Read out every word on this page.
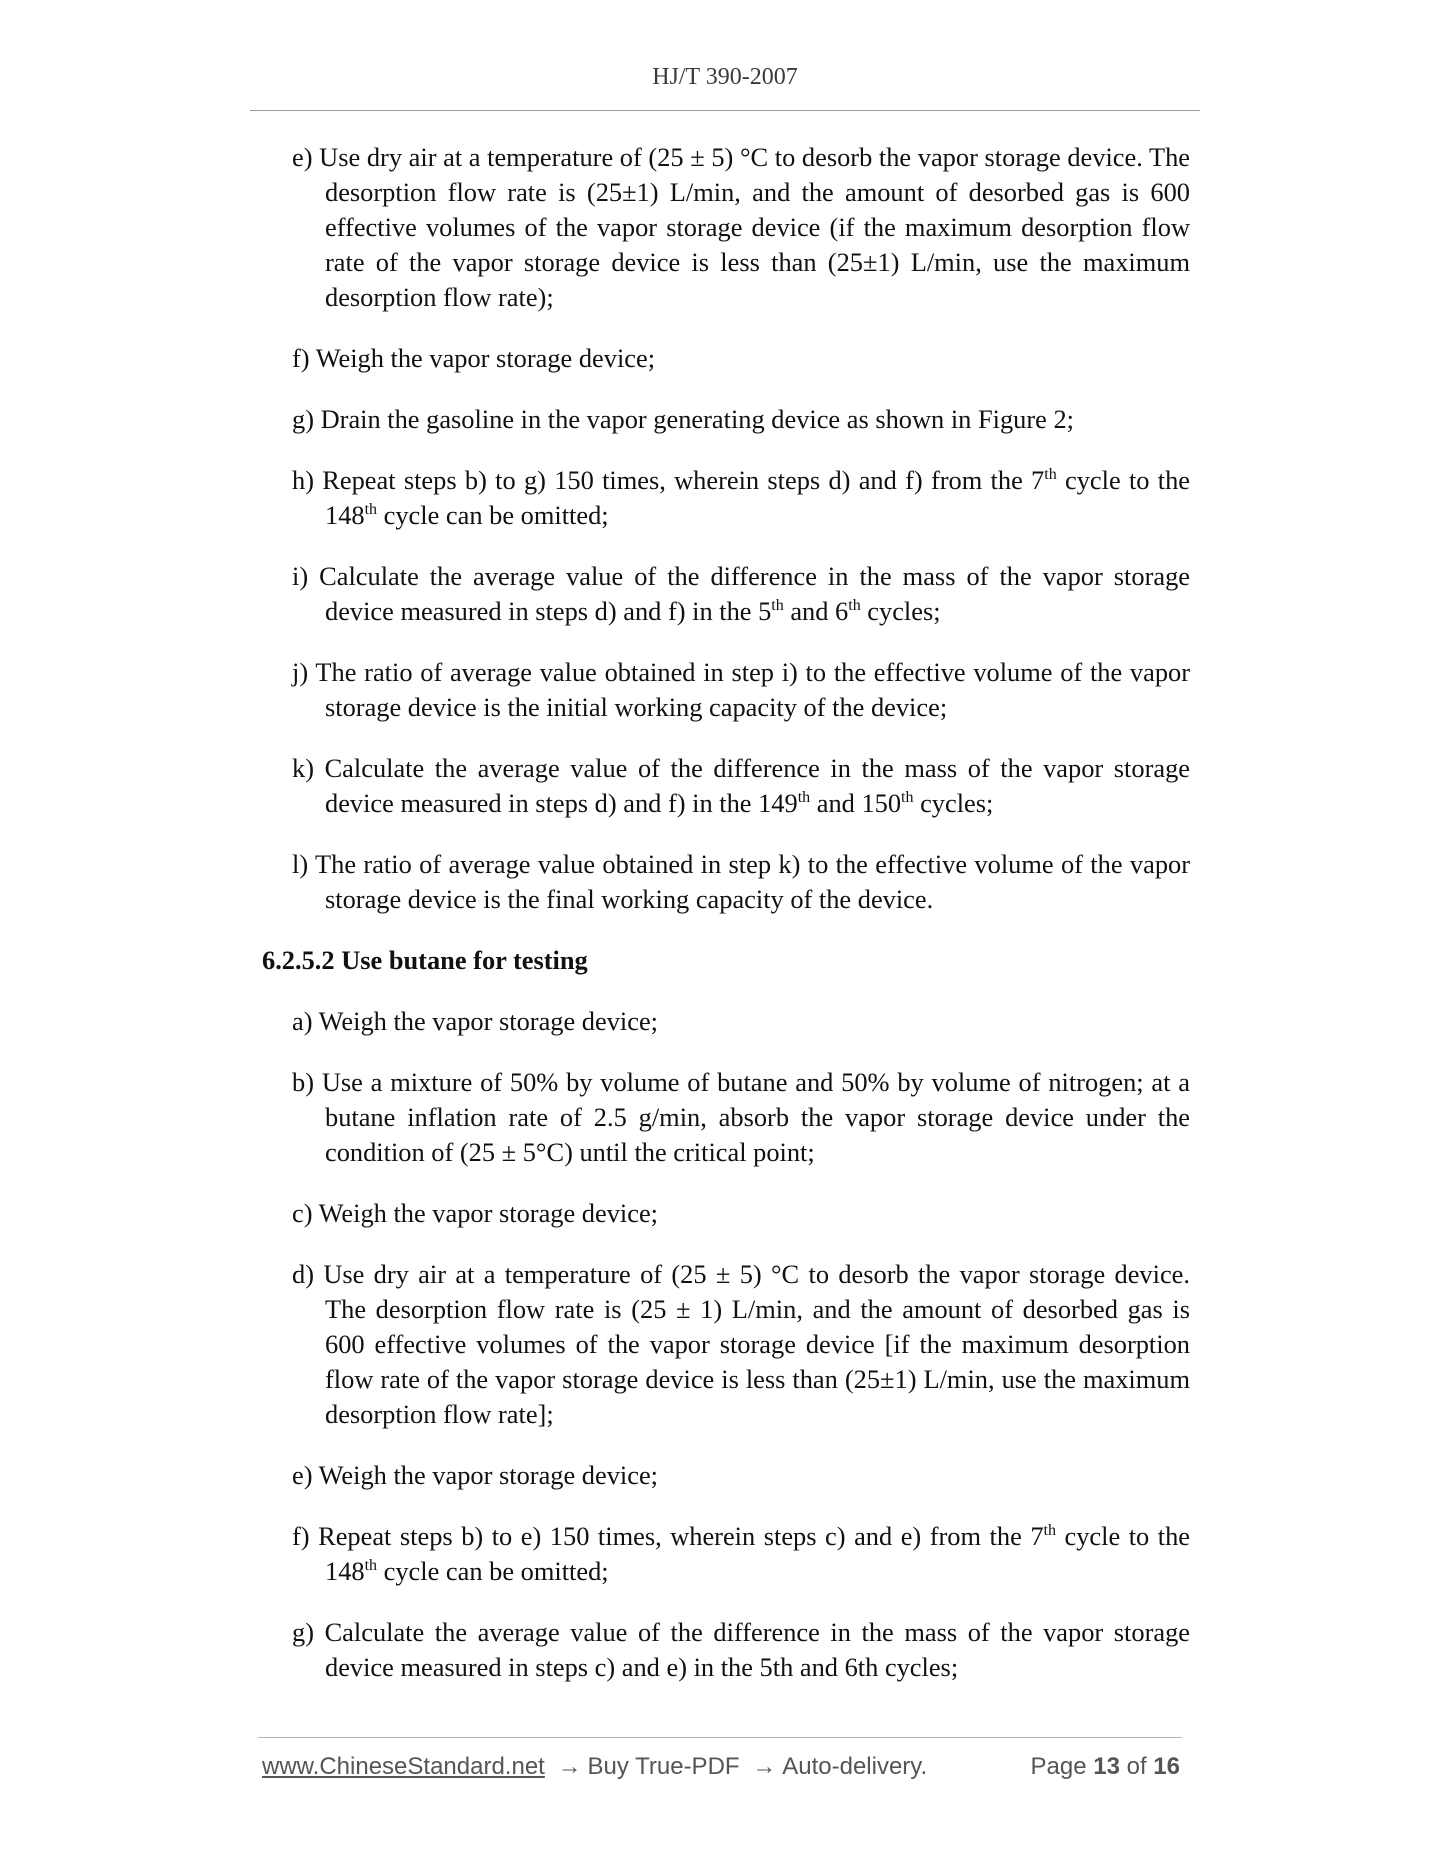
HJ/T 390-2007

e) Use dry air at a temperature of (25 ± 5) °C to desorb the vapor storage device. The desorption flow rate is (25±1) L/min, and the amount of desorbed gas is 600 effective volumes of the vapor storage device (if the maximum desorption flow rate of the vapor storage device is less than (25±1) L/min, use the maximum desorption flow rate);

f) Weigh the vapor storage device;

g) Drain the gasoline in the vapor generating device as shown in Figure 2;

h) Repeat steps b) to g) 150 times, wherein steps d) and f) from the 7th cycle to the 148th cycle can be omitted;

i) Calculate the average value of the difference in the mass of the vapor storage device measured in steps d) and f) in the 5th and 6th cycles;

j) The ratio of average value obtained in step i) to the effective volume of the vapor storage device is the initial working capacity of the device;

k) Calculate the average value of the difference in the mass of the vapor storage device measured in steps d) and f) in the 149th and 150th cycles;

l) The ratio of average value obtained in step k) to the effective volume of the vapor storage device is the final working capacity of the device.

6.2.5.2 Use butane for testing

a) Weigh the vapor storage device;

b) Use a mixture of 50% by volume of butane and 50% by volume of nitrogen; at a butane inflation rate of 2.5 g/min, absorb the vapor storage device under the condition of (25 ± 5°C) until the critical point;

c) Weigh the vapor storage device;

d) Use dry air at a temperature of (25 ± 5) °C to desorb the vapor storage device. The desorption flow rate is (25 ± 1) L/min, and the amount of desorbed gas is 600 effective volumes of the vapor storage device [if the maximum desorption flow rate of the vapor storage device is less than (25±1) L/min, use the maximum desorption flow rate];

e) Weigh the vapor storage device;

f) Repeat steps b) to e) 150 times, wherein steps c) and e) from the 7th cycle to the 148th cycle can be omitted;

g) Calculate the average value of the difference in the mass of the vapor storage device measured in steps c) and e) in the 5th and 6th cycles;

www.ChineseStandard.net → Buy True-PDF → Auto-delivery.	Page 13 of 16
